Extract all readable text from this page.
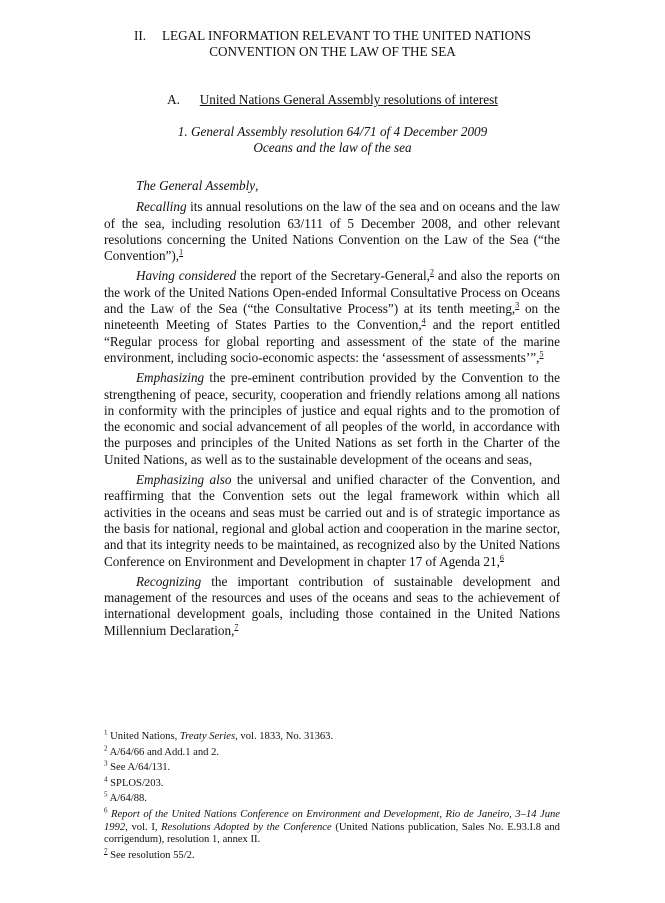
II. LEGAL INFORMATION RELEVANT TO THE UNITED NATIONS
CONVENTION ON THE LAW OF THE SEA
A. United Nations General Assembly resolutions of interest
1. General Assembly resolution 64/71 of 4 December 2009
Oceans and the law of the sea

The General Assembly,

Recalling its annual resolutions on the law of the sea and on oceans and the law of the sea, including resolution 63/111 of 5 December 2008, and other relevant resolutions concerning the United Nations Convention on the Law of the Sea (“the Convention”),$^1$

Having considered the report of the Secretary-General,$^2$ and also the reports on the work of the United Nations Open-ended Informal Consultative Process on Oceans and the Law of the Sea (“the Consultative Process”) at its tenth meeting,$^3$ on the nineteenth Meeting of States Parties to the Convention,$^4$ and the report entitled “Regular process for global reporting and assessment of the state of the marine environment, including socio-economic aspects: the ‘assessment of assessments’”,$^5$

Emphasizing the pre-eminent contribution provided by the Convention to the strengthening of peace, security, cooperation and friendly relations among all nations in conformity with the principles of justice and equal rights and to the promotion of the economic and social advancement of all peoples of the world, in accordance with the purposes and principles of the United Nations as set forth in the Charter of the United Nations, as well as to the sustainable development of the oceans and seas,

Emphasizing also the universal and unified character of the Convention, and reaffirming that the Convention sets out the legal framework within which all activities in the oceans and seas must be carried out and is of strategic importance as the basis for national, regional and global action and cooperation in the marine sector, and that its integrity needs to be maintained, as recognized also by the United Nations Conference on Environment and Development in chapter 17 of Agenda 21,$^6$

Recognizing the important contribution of sustainable development and management of the resources and uses of the oceans and seas to the achievement of international development goals, including those contained in the United Nations Millennium Declaration,$^7$

$^1$ United Nations, Treaty Series, vol. 1833, No. 31363.
$^2$ A/64/66 and Add.1 and 2.
$^3$ See A/64/131.
$^4$ SPLOS/203.
$^5$ A/64/88.
$^6$ Report of the United Nations Conference on Environment and Development, Rio de Janeiro, 3–14 June 1992, vol. I, Resolutions Adopted by the Conference (United Nations publication, Sales No. E.93.I.8 and corrigendum), resolution 1, annex II.
$^7$ See resolution 55/2.
